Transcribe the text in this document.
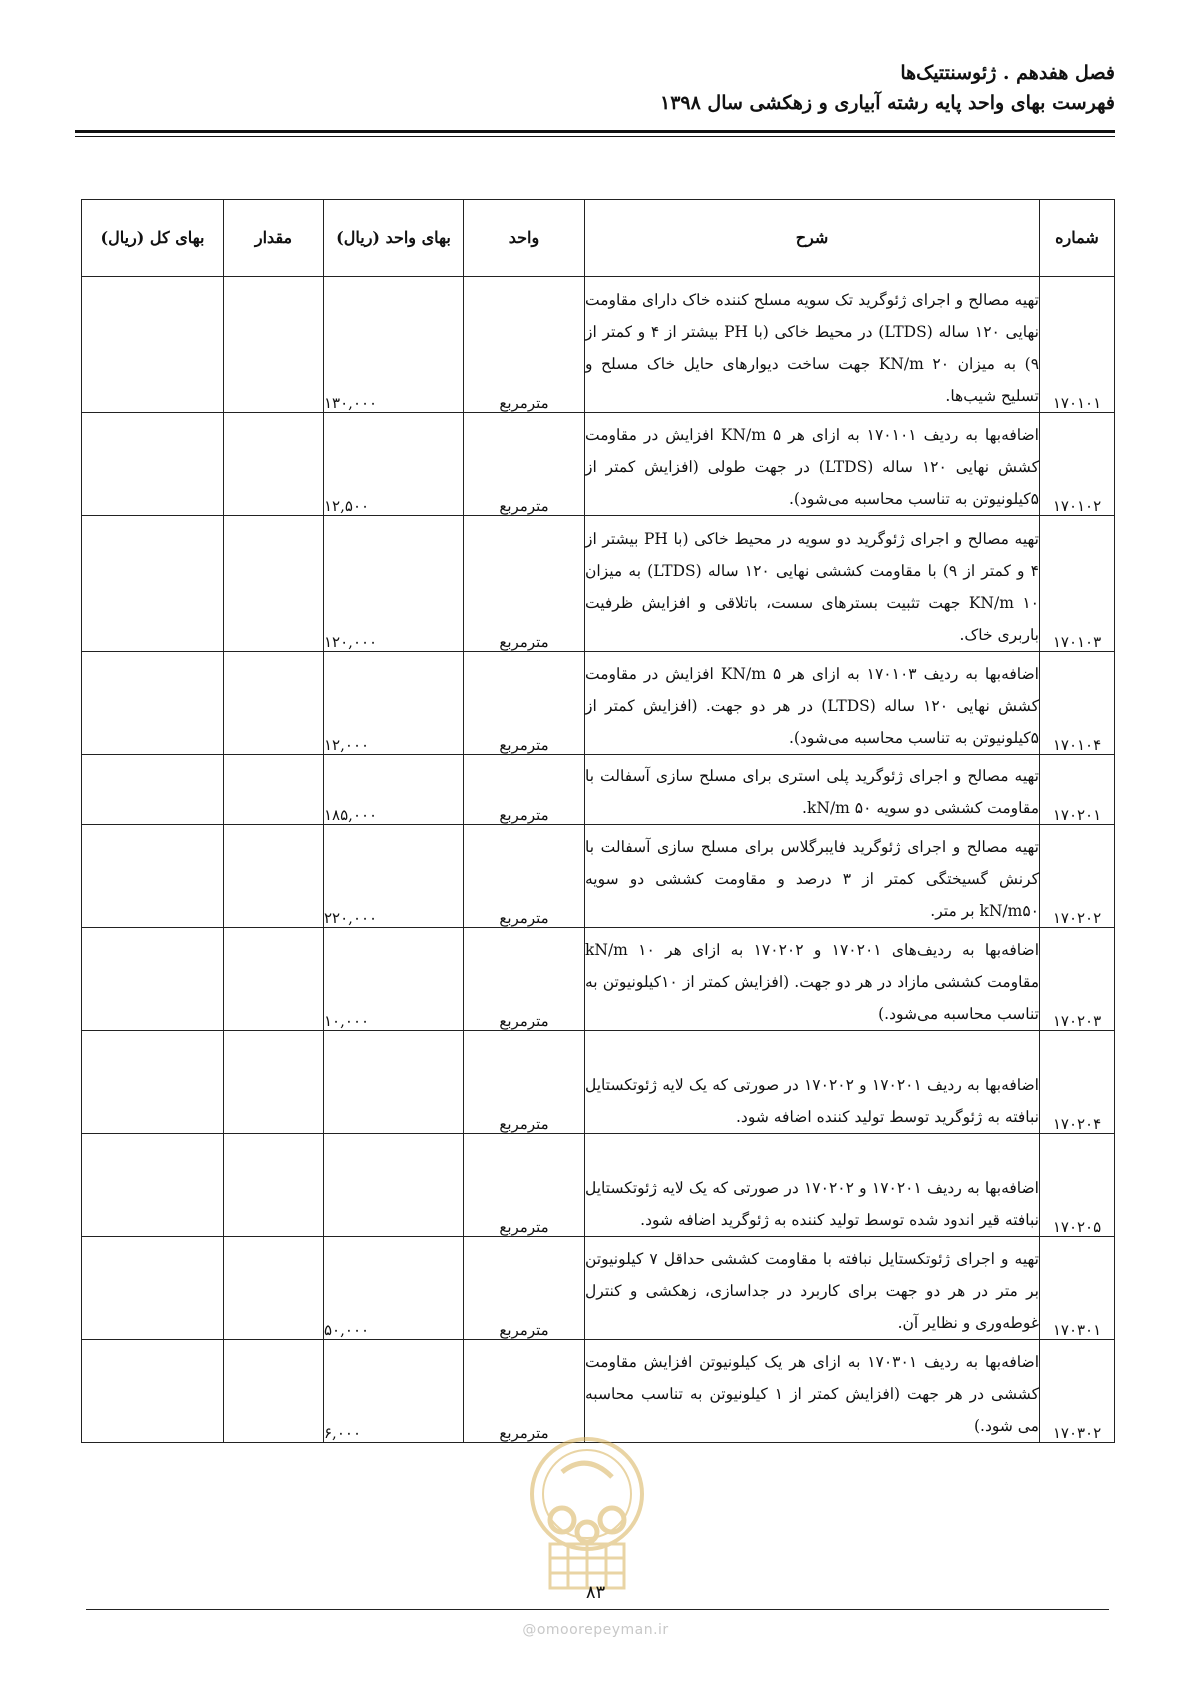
فصل هفدهم . ژئوسنتتیک‌ها
فهرست بهای واحد پایه رشته آبیاری و زهکشی سال ۱۳۹۸
شماره	شرح	واحد	بهای واحد (ریال)	مقدار	بهای کل (ریال)
۱۷۰۱۰۱	تهیه مصالح و اجرای ژئوگرید تک سویه مسلح کننده خاک دارای مقاومت نهایی ۱۲۰ ساله (LTDS) در محیط خاکی (با PH بیشتر از ۴ و کمتر از ۹) به میزان KN/m ۲۰ جهت ساخت دیوارهای حایل خاک مسلح و تسلیح شیب‌ها.	مترمربع	۱۳۰,۰۰۰		
۱۷۰۱۰۲	اضافه‌بها به ردیف ۱۷۰۱۰۱ به ازای هر KN/m ۵ افزایش در مقاومت کشش نهایی ۱۲۰ ساله (LTDS) در جهت طولی (افزایش کمتر از ۵کیلونیوتن به تناسب محاسبه می‌شود).	مترمربع	۱۲,۵۰۰		
۱۷۰۱۰۳	تهیه مصالح و اجرای ژئوگرید دو سویه در محیط خاکی (با PH بیشتر از ۴ و کمتر از ۹) با مقاومت کششی نهایی ۱۲۰ ساله (LTDS) به میزان KN/m ۱۰ جهت تثبیت بسترهای سست، باتلاقی و افزایش ظرفیت باربری خاک.	مترمربع	۱۲۰,۰۰۰		
۱۷۰۱۰۴	اضافه‌بها به ردیف ۱۷۰۱۰۳ به ازای هر KN/m ۵ افزایش در مقاومت کشش نهایی ۱۲۰ ساله (LTDS) در هر دو جهت. (افزایش کمتر از ۵کیلونیوتن به تناسب محاسبه می‌شود).	مترمربع	۱۲,۰۰۰		
۱۷۰۲۰۱	تهیه مصالح و اجرای ژئوگرید پلی استری برای مسلح سازی آسفالت با مقاومت کششی دو سویه ۵۰ kN/m.	مترمربع	۱۸۵,۰۰۰		
۱۷۰۲۰۲	تهیه مصالح و اجرای ژئوگرید فایبرگلاس برای مسلح سازی آسفالت با کرنش گسیختگی کمتر از ۳ درصد و مقاومت کششی دو سویه kN/m۵۰ بر متر.	مترمربع	۲۲۰,۰۰۰		
۱۷۰۲۰۳	اضافه‌بها به ردیف‌های ۱۷۰۲۰۱ و ۱۷۰۲۰۲ به ازای هر kN/m ۱۰ مقاومت کششی مازاد در هر دو جهت. (افزایش کمتر از ۱۰کیلونیوتن به تناسب محاسبه می‌شود.)	مترمربع	۱۰,۰۰۰		
۱۷۰۲۰۴	اضافه‌بها به ردیف ۱۷۰۲۰۱ و ۱۷۰۲۰۲ در صورتی که یک لایه ژئوتکستایل نبافته به ژئوگرید توسط تولید کننده اضافه شود.	مترمربع			
۱۷۰۲۰۵	اضافه‌بها به ردیف ۱۷۰۲۰۱ و ۱۷۰۲۰۲ در صورتی که یک لایه ژئوتکستایل نبافته قیر اندود شده توسط تولید کننده به ژئوگرید اضافه شود.	مترمربع			
۱۷۰۳۰۱	تهیه و اجرای ژئوتکستایل نبافته با مقاومت کششی حداقل ۷ کیلونیوتن بر متر در هر دو جهت برای کاربرد در جداسازی، زهکشی و کنترل غوطه‌وری و نظایر آن.	مترمربع	۵۰,۰۰۰		
۱۷۰۳۰۲	اضافه‌بها به ردیف ۱۷۰۳۰۱ به ازای هر یک کیلونیوتن افزایش مقاومت کششی در هر جهت (افزایش کمتر از ۱ کیلونیوتن به تناسب محاسبه می شود.)	مترمربع	۶,۰۰۰		
۸۳
@omoorepeyman.ir
